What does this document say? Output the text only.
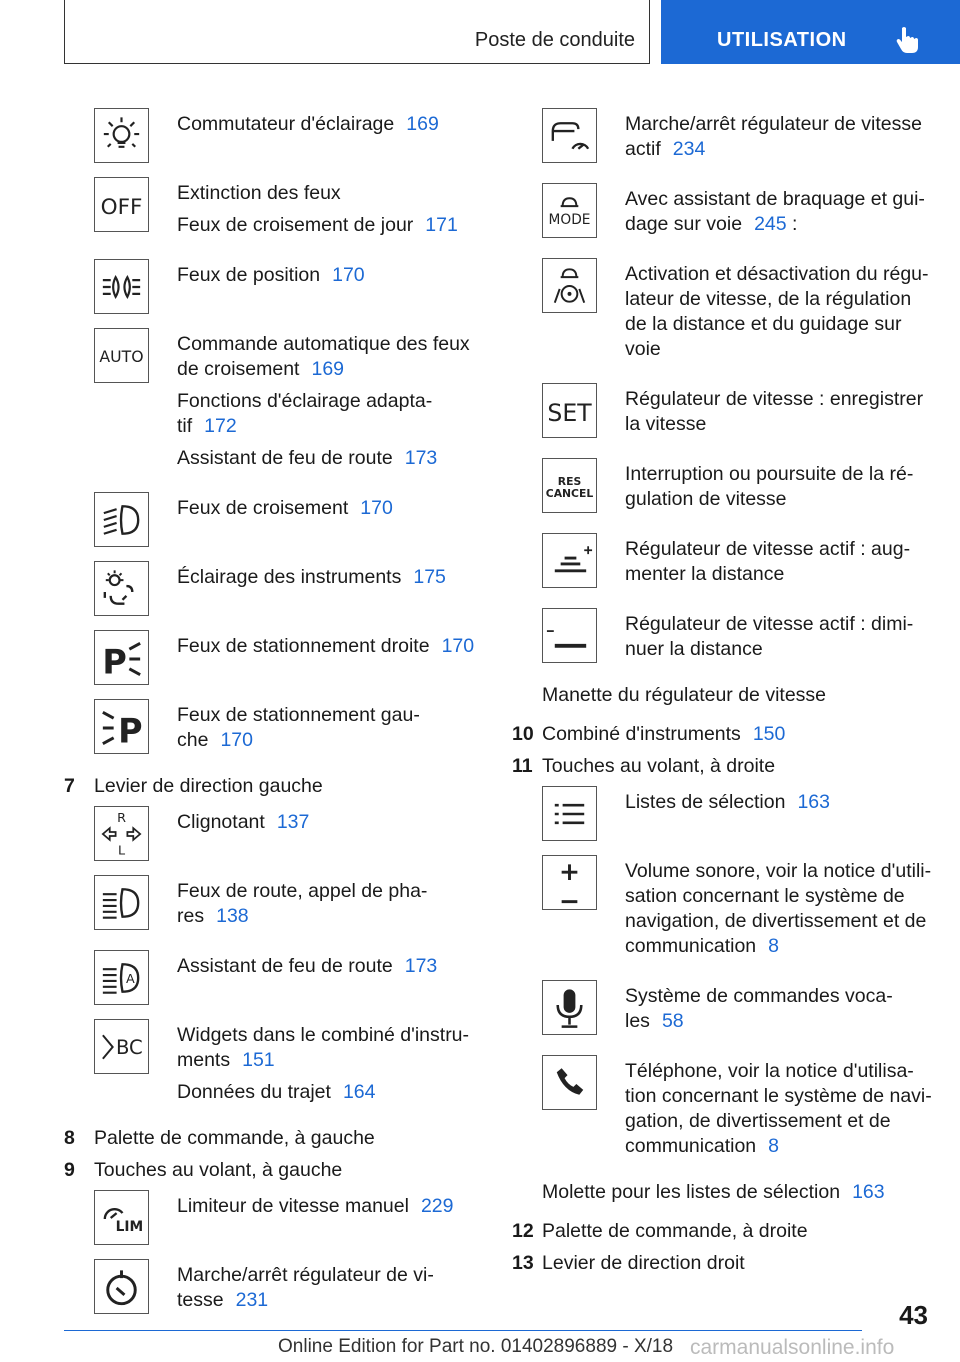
Poste de conduite	UTILISATION
Commutateur d'éclairage 169
OFF
Extinction des feux
Feux de croisement de jour 171
Feux de position 170
AUTO
Commande automatique des feux de croisement 169
Fonctions d'éclairage adapta-tif 172
Assistant de feu de route 173
Feux de croisement 170
Éclairage des instruments 175
P	Feux de stationnement droite 170
P Feux de stationnement gau-che 170
7 Levier de direction gauche
R
L
Clignotant 137
Feux de route, appel de pha-res 138
A
Assistant de feu de route 173
BC
Widgets dans le combiné d'instru-ments 151
Données du trajet 164
8 Palette de commande, à gauche
9 Touches au volant, à gauche
LIM
Limiteur de vitesse manuel 229
Marche/arrêt régulateur de vi-tesse 231
Marche/arrêt régulateur de vitesse actif 234
MODE
Avec assistant de braquage et gui-dage sur voie 245 :
Activation et désactivation du régu-lateur de vitesse, de la régulation de la distance et du guidage sur voie
SET Régulateur de vitesse : enregistrer la vitesse
RES
CANCEL
Interruption ou poursuite de la ré-gulation de vitesse
Régulateur de vitesse actif : aug-menter la distance
Régulateur de vitesse actif : dimi-nuer la distance
Manette du régulateur de vitesse
10 Combiné d'instruments 150
11 Touches au volant, à droite
Listes de sélection 163
Volume sonore, voir la notice d'utili-sation concernant le système de navigation, de divertissement et de communication 8
Système de commandes voca-les 58
Téléphone, voir la notice d'utilisa-tion concernant le système de navi-gation, de divertissement et de communication 8
Molette pour les listes de sélection 163
12 Palette de commande, à droite
13 Levier de direction droit
43
Online Edition for Part no. 01402896889 - X/18 carmanualsonline.info
